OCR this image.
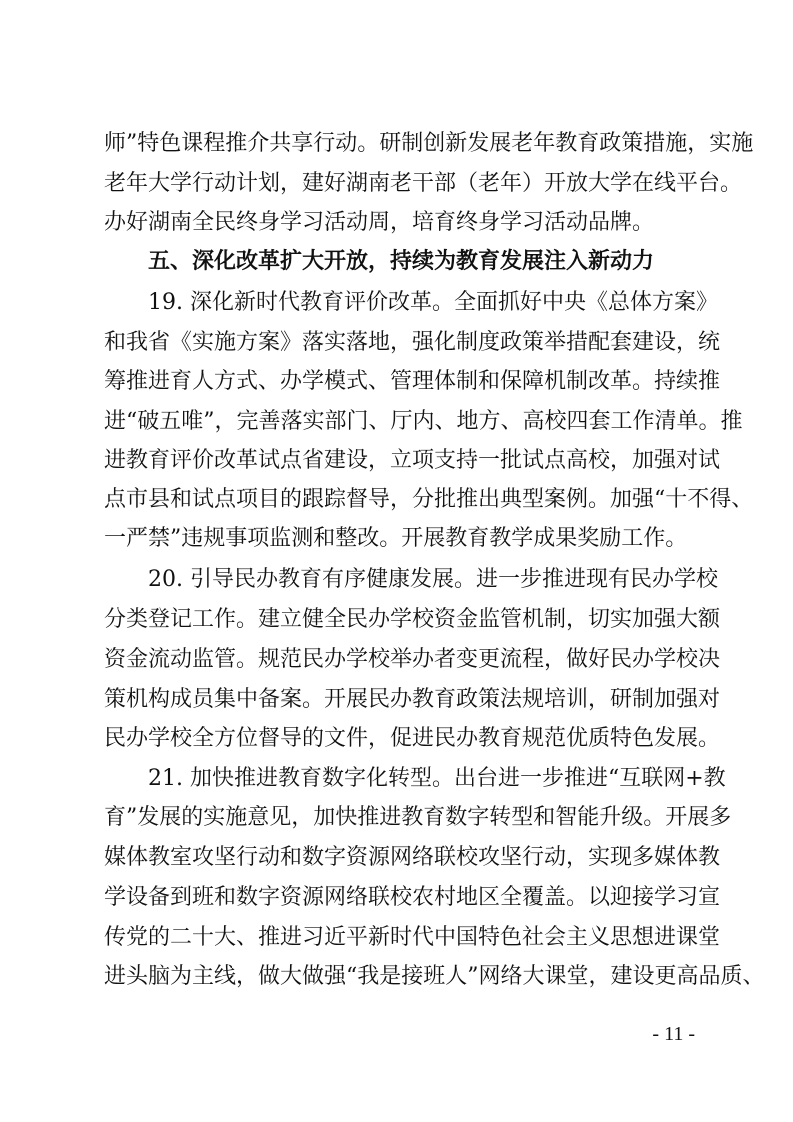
师”特色课程推介共享行动。研制创新发展老年教育政策措施，实施
老年大学行动计划，建好湖南老干部（老年）开放大学在线平台。
办好湖南全民终身学习活动周，培育终身学习活动品牌。
五、深化改革扩大开放，持续为教育发展注入新动力
19. 深化新时代教育评价改革。全面抓好中央《总体方案》
和我省《实施方案》落实落地，强化制度政策举措配套建设，统
筹推进育人方式、办学模式、管理体制和保障机制改革。持续推
进“破五唯”，完善落实部门、厅内、地方、高校四套工作清单。推
进教育评价改革试点省建设，立项支持一批试点高校，加强对试
点市县和试点项目的跟踪督导，分批推出典型案例。加强“十不得、
一严禁”违规事项监测和整改。开展教育教学成果奖励工作。
20. 引导民办教育有序健康发展。进一步推进现有民办学校
分类登记工作。建立健全民办学校资金监管机制，切实加强大额
资金流动监管。规范民办学校举办者变更流程，做好民办学校决
策机构成员集中备案。开展民办教育政策法规培训，研制加强对
民办学校全方位督导的文件，促进民办教育规范优质特色发展。
21. 加快推进教育数字化转型。出台进一步推进“互联网+教
育”发展的实施意见，加快推进教育数字转型和智能升级。开展多
媒体教室攻坚行动和数字资源网络联校攻坚行动，实现多媒体教
学设备到班和数字资源网络联校农村地区全覆盖。以迎接学习宣
传党的二十大、推进习近平新时代中国特色社会主义思想进课堂
进头脑为主线，做大做强“我是接班人”网络大课堂，建设更高品质、
- 11 -
